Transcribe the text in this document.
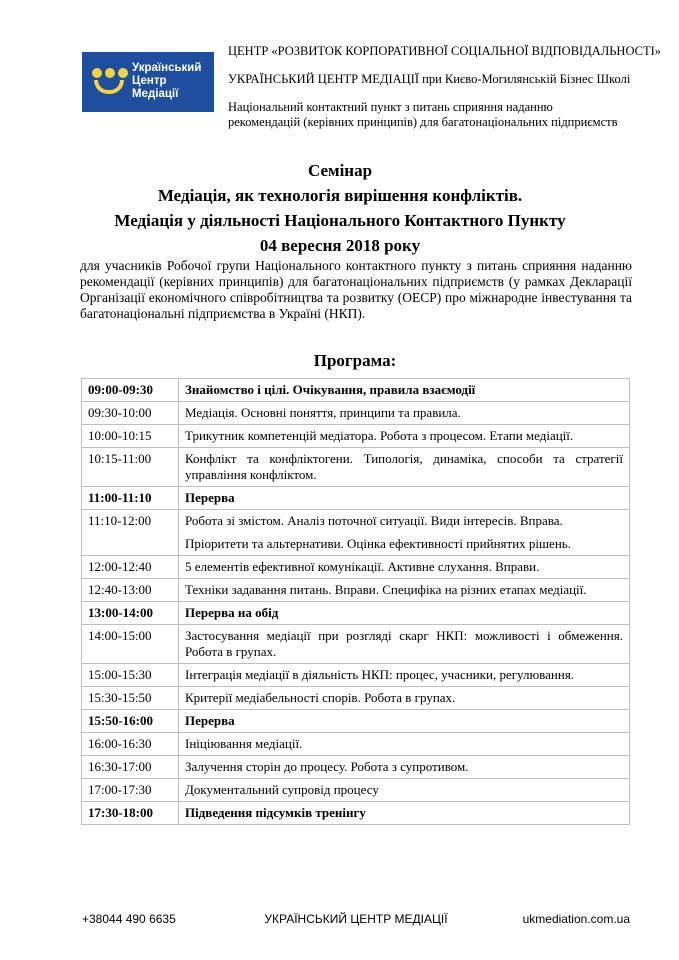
Український
Центр
Медіації
ЦЕНТР «РОЗВИТОК КОРПОРАТИВНОЇ СОЦІАЛЬНОЇ ВІДПОВІДАЛЬНОСТІ»
УКРАЇНСЬКИЙ ЦЕНТР МЕДІАЦІЇ при Києво-Могилянській Бізнес Школі
Національний контактний пункт з питань сприяння наданню рекомендацій (керівних принципів) для багатонаціональних підприємств
Семінар
Медіація, як технологія вирішення конфліктів.
Медіація у діяльності Національного Контактного Пункту
04 вересня 2018 року
для учасників Робочої групи Національного контактного пункту з питань сприяння наданню рекомендації (керівних принципів) для багатонаціональних підприємств (у рамках Декларації Організації економічного співробітництва та розвитку (ОЕСР) про міжнародне інвестування та багатонаціональні підприємства в Україні (НКП).
Програма:
09:00-09:30	Знайомство і цілі. Очікування, правила взаємодії

09:30-10:00	Медіація. Основні поняття, принципи та правила.

10:00-10:15	Трикутник компетенцій медіатора. Робота з процесом. Етапи медіації.

10:15-11:00	Конфлікт та конфліктогени. Типологія, динаміка, способи та стратегії управління конфліктом.

11:00-11:10	Перерва

11:10-12:00	Робота зі змістом. Аналіз поточної ситуації. Види інтересів. Вправа.
Пріоритети та альтернативи. Оцінка ефективності прийнятих рішень.

12:00-12:40	5 елементів ефективної комунікації. Активне слухання. Вправи.

12:40-13:00	Техніки задавання питань. Вправи. Специфіка на різних етапах медіації.

13:00-14:00	Перерва на обід

14:00-15:00	Застосування медіації при розгляді скарг НКП: можливості і обмеження. Робота в групах.

15:00-15:30	Інтеграція медіації в діяльність НКП: процес, учасники, регулювання.

15:30-15:50	Критерії медіабельності спорів. Робота в групах.

15:50-16:00	Перерва

16:00-16:30	Ініціювання медіації.

16:30-17:00	Залучення сторін до процесу. Робота з супротивом.

17:00-17:30	Документальний супровід процесу

17:30-18:00	Підведення підсумків тренінгу
+38044 490 6635	УКРАЇНСЬКИЙ ЦЕНТР МЕДІАЦІЇ	ukmediation.com.ua
